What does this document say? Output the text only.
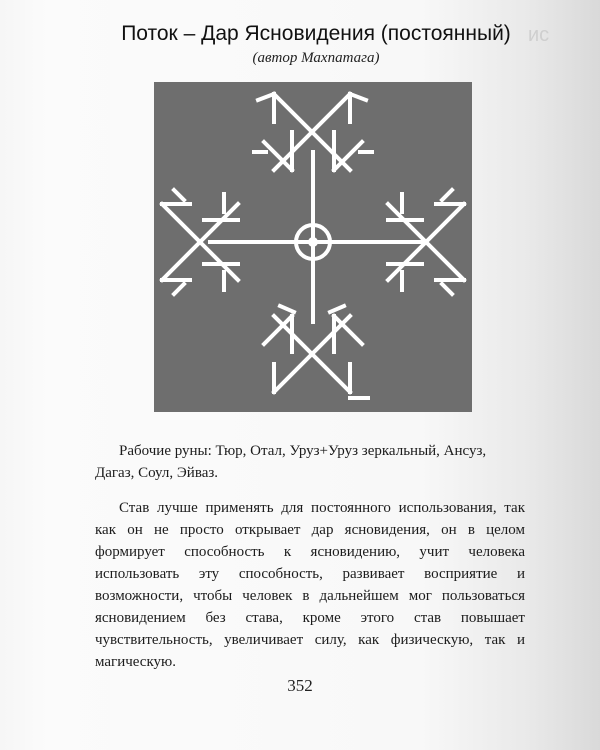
Поток – Дар Ясновидения (постоянный)
(автор Махпатага)
ис

Рабочие руны: Тюр, Отал, Уруз+Уруз зеркальный, Ансуз, Дагаз, Соул, Эйваз.

Став лучше применять для постоянного использования, так как он не просто открывает дар ясновидения, он в целом формирует способность к ясновидению, учит человека использовать эту способность, развивает восприятие и возможности, чтобы человек в дальнейшем мог пользоваться ясновидением без става, кроме этого став повышает чувствительность, увеличивает силу, как физическую, так и магическую.

352
